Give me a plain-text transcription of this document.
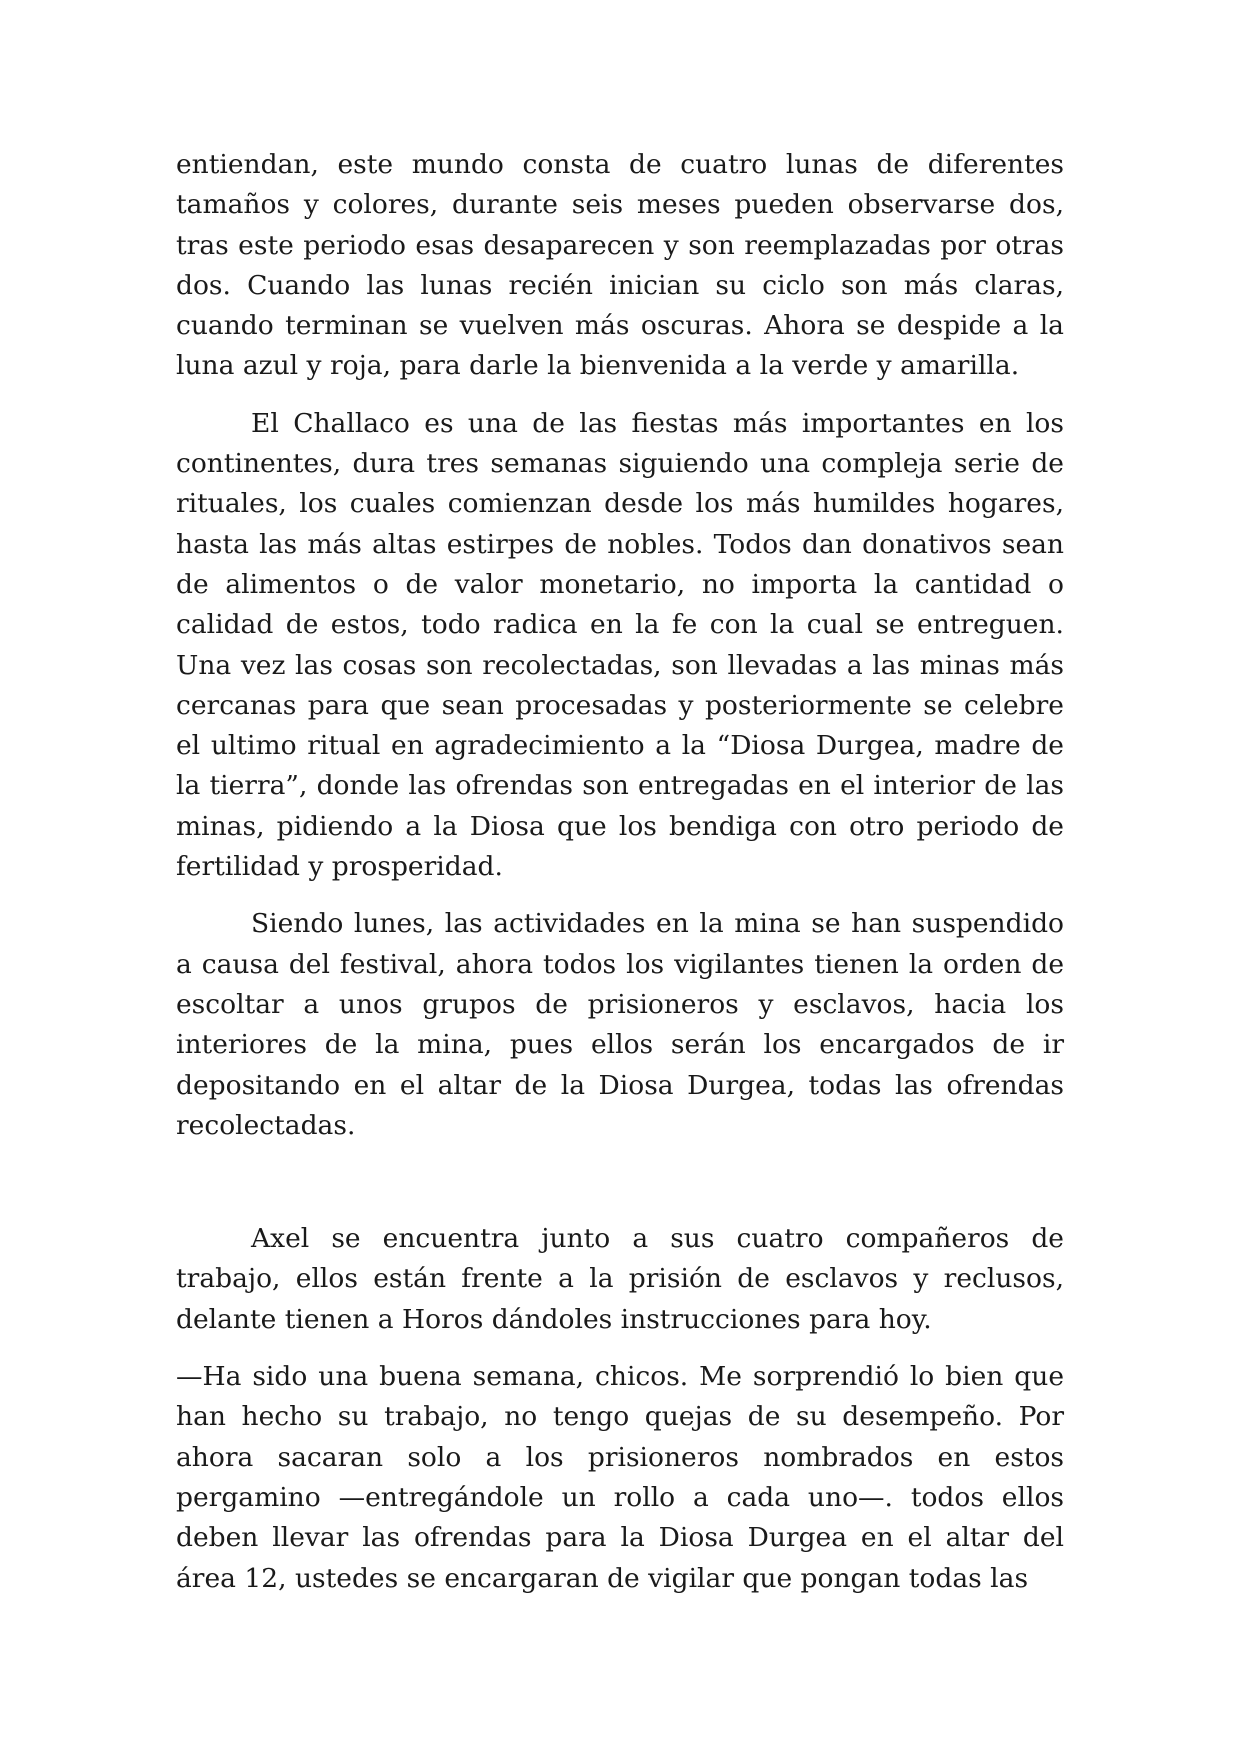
entiendan, este mundo consta de cuatro lunas de diferentes tamaños y colores, durante seis meses pueden observarse dos, tras este periodo esas desaparecen y son reemplazadas por otras dos. Cuando las lunas recién inician su ciclo son más claras, cuando terminan se vuelven más oscuras. Ahora se despide a la luna azul y roja, para darle la bienvenida a la verde y amarilla.

El Challaco es una de las fiestas más importantes en los continentes, dura tres semanas siguiendo una compleja serie de rituales, los cuales comienzan desde los más humildes hogares, hasta las más altas estirpes de nobles. Todos dan donativos sean de alimentos o de valor monetario, no importa la cantidad o calidad de estos, todo radica en la fe con la cual se entreguen. Una vez las cosas son recolectadas, son llevadas a las minas más cercanas para que sean procesadas y posteriormente se celebre el ultimo ritual en agradecimiento a la “Diosa Durgea, madre de la tierra”, donde las ofrendas son entregadas en el interior de las minas, pidiendo a la Diosa que los bendiga con otro periodo de fertilidad y prosperidad.

Siendo lunes, las actividades en la mina se han suspendido a causa del festival, ahora todos los vigilantes tienen la orden de escoltar a unos grupos de prisioneros y esclavos, hacia los interiores de la mina, pues ellos serán los encargados de ir depositando en el altar de la Diosa Durgea, todas las ofrendas recolectadas.

Axel se encuentra junto a sus cuatro compañeros de trabajo, ellos están frente a la prisión de esclavos y reclusos, delante tienen a Horos dándoles instrucciones para hoy.

—Ha sido una buena semana, chicos. Me sorprendió lo bien que han hecho su trabajo, no tengo quejas de su desempeño. Por ahora sacaran solo a los prisioneros nombrados en estos pergamino —entregándole un rollo a cada uno—. todos ellos deben llevar las ofrendas para la Diosa Durgea en el altar del área 12, ustedes se encargaran de vigilar que pongan todas las
